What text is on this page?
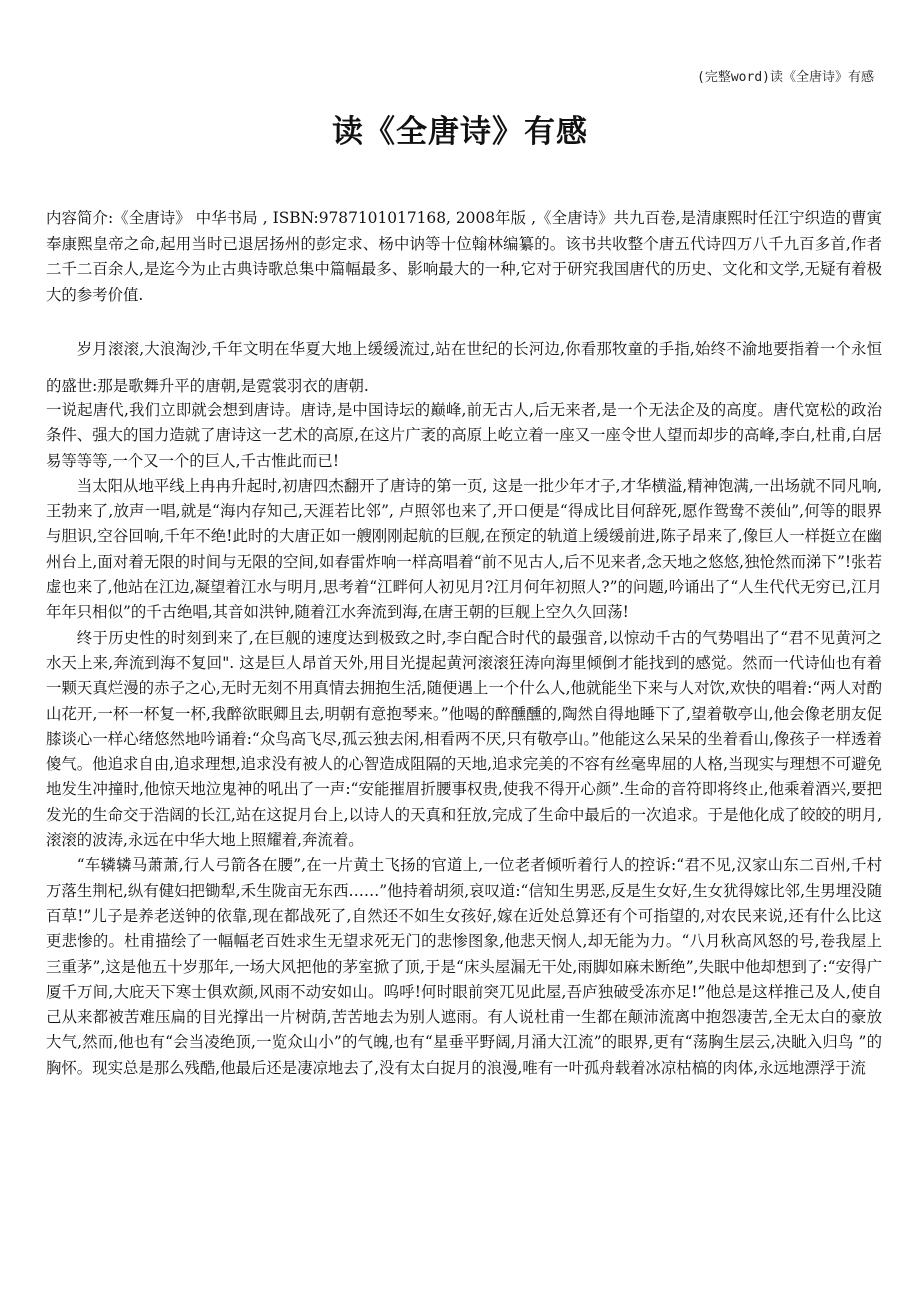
(完整word)读《全唐诗》有感
读《全唐诗》有感
内容简介:《全唐诗》 中华书局 , ISBN:9787101017168, 2008年版 ,《全唐诗》共九百卷,是清康熙时任江宁织造的曹寅奉康熙皇帝之命,起用当时已退居扬州的彭定求、杨中讷等十位翰林编纂的。该书共收整个唐五代诗四万八千九百多首,作者二千二百余人,是迄今为止古典诗歌总集中篇幅最多、影响最大的一种,它对于研究我国唐代的历史、文化和文学,无疑有着极大的参考价值.
岁月滚滚,大浪淘沙,千年文明在华夏大地上缓缓流过,站在世纪的长河边,你看那牧童的手指,始终不渝地要指着一个永恒的盛世:那是歌舞升平的唐朝,是霓裳羽衣的唐朝.

一说起唐代,我们立即就会想到唐诗。唐诗,是中国诗坛的巅峰,前无古人,后无来者,是一个无法企及的高度。唐代宽松的政治条件、强大的国力造就了唐诗这一艺术的高原,在这片广袤的高原上屹立着一座又一座令世人望而却步的高峰,李白,杜甫,白居易等等等,一个又一个的巨人,千古惟此而已!

当太阳从地平线上冉冉升起时,初唐四杰翻开了唐诗的第一页, 这是一批少年才子,才华横溢,精神饱满,一出场就不同凡响,王勃来了,放声一唱,就是“海内存知己,天涯若比邻”, 卢照邻也来了,开口便是“得成比目何辞死,愿作鸳鸯不羡仙”,何等的眼界与胆识,空谷回响,千年不绝!此时的大唐正如一艘刚刚起航的巨舰,在预定的轨道上缓缓前进,陈子昂来了,像巨人一样挺立在幽州台上,面对着无限的时间与无限的空间,如春雷炸响一样高唱着“前不见古人,后不见来者,念天地之悠悠,独怆然而涕下”!张若虚也来了,他站在江边,凝望着江水与明月,思考着“江畔何人初见月?江月何年初照人?”的问题,吟诵出了“人生代代无穷已,江月年年只相似”的千古绝唱,其音如洪钟,随着江水奔流到海,在唐王朝的巨舰上空久久回荡!

终于历史性的时刻到来了,在巨舰的速度达到极致之时,李白配合时代的最强音,以惊动千古的气势唱出了“君不见黄河之水天上来,奔流到海不复回". 这是巨人昂首天外,用目光提起黄河滚滚狂涛向海里倾倒才能找到的感觉。然而一代诗仙也有着一颗天真烂漫的赤子之心,无时无刻不用真情去拥抱生活,随便遇上一个什么人,他就能坐下来与人对饮,欢快的唱着:“两人对酌山花开,一杯一杯复一杯,我醉欲眠卿且去,明朝有意抱琴来。”他喝的醉醺醺的,陶然自得地睡下了,望着敬亭山,他会像老朋友促膝谈心一样心绪悠然地吟诵着:“众鸟高飞尽,孤云独去闲,相看两不厌,只有敬亭山。”他能这么呆呆的坐着看山,像孩子一样透着傻气。他追求自由,追求理想,追求没有被人的心智造成阻隔的天地,追求完美的不容有丝毫卑屈的人格,当现实与理想不可避免地发生冲撞时,他惊天地泣鬼神的吼出了一声:“安能摧眉折腰事权贵,使我不得开心颜”.生命的音符即将终止,他乘着酒兴,要把发光的生命交于浩阔的长江,站在这捉月台上,以诗人的天真和狂放,完成了生命中最后的一次追求。于是他化成了皎皎的明月,滚滚的波涛,永远在中华大地上照耀着,奔流着。

“车辚辚马萧萧,行人弓箭各在腰”,在一片黄土飞扬的官道上,一位老者倾听着行人的控诉:“君不见,汉家山东二百州,千村万落生荆杞,纵有健妇把锄犁,禾生陇亩无东西……”他持着胡须,哀叹道:“信知生男恶,反是生女好,生女犹得嫁比邻,生男埋没随百草!”儿子是养老送钟的依靠,现在都战死了,自然还不如生女孩好,嫁在近处总算还有个可指望的,对农民来说,还有什么比这更悲惨的。杜甫描绘了一幅幅老百姓求生无望求死无门的悲惨图象,他悲天悯人,却无能为力。“八月秋高风怒的号,卷我屋上三重茅”,这是他五十岁那年,一场大风把他的茅室掀了顶,于是“床头屋漏无干处,雨脚如麻未断绝”,失眠中他却想到了:“安得广厦千万间,大庇天下寒士俱欢颜,风雨不动安如山。呜呼!何时眼前突兀见此屋,吾庐独破受冻亦足!”他总是这样推己及人,使自己从来都被苦难压扁的目光撑出一片树荫,苦苦地去为别人遮雨。有人说杜甫一生都在颠沛流离中抱怨凄苦,全无太白的豪放大气,然而,他也有“会当凌绝顶,一览众山小”的气魄,也有“星垂平野阔,月涌大江流”的眼界,更有“荡胸生层云,决眦入归鸟 ”的胸怀。现实总是那么残酷,他最后还是凄凉地去了,没有太白捉月的浪漫,唯有一叶孤舟载着冰凉枯槁的肉体,永远地漂浮于流
